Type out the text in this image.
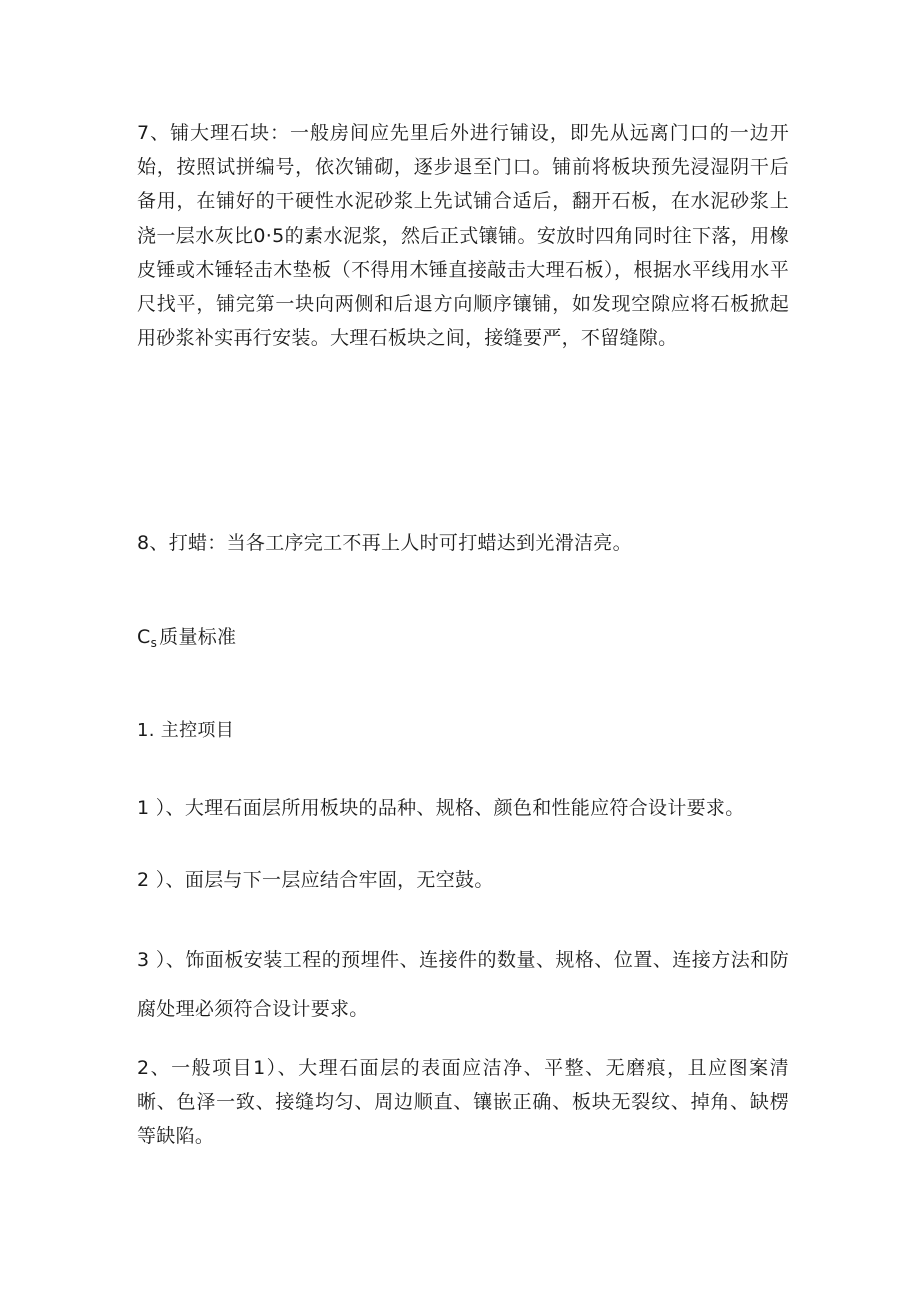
7、铺大理石块：一般房间应先里后外进行铺设，即先从远离门口的一边开始，按照试拼编号，依次铺砌，逐步退至门口。铺前将板块预先浸湿阴干后备用，在铺好的干硬性水泥砂浆上先试铺合适后，翻开石板，在水泥砂浆上浇一层水灰比0·5的素水泥浆，然后正式镶铺。安放时四角同时往下落，用橡皮锤或木锤轻击木垫板（不得用木锤直接敲击大理石板），根据水平线用水平尺找平，铺完第一块向两侧和后退方向顺序镶铺，如发现空隙应将石板掀起用砂浆补实再行安装。大理石板块之间，接缝要严，不留缝隙。

8、打蜡：当各工序完工不再上人时可打蜡达到光滑洁亮。

$C_s$ 质量标准

1. 主控项目

1 ）、大理石面层所用板块的品种、规格、颜色和性能应符合设计要求。

2 ）、面层与下一层应结合牢固，无空鼓。

3 ）、饰面板安装工程的预埋件、连接件的数量、规格、位置、连接方法和防腐处理必须符合设计要求。

2、一般项目1）、大理石面层的表面应洁净、平整、无磨痕，且应图案清晰、色泽一致、接缝均匀、周边顺直、镶嵌正确、板块无裂纹、掉角、缺楞等缺陷。
